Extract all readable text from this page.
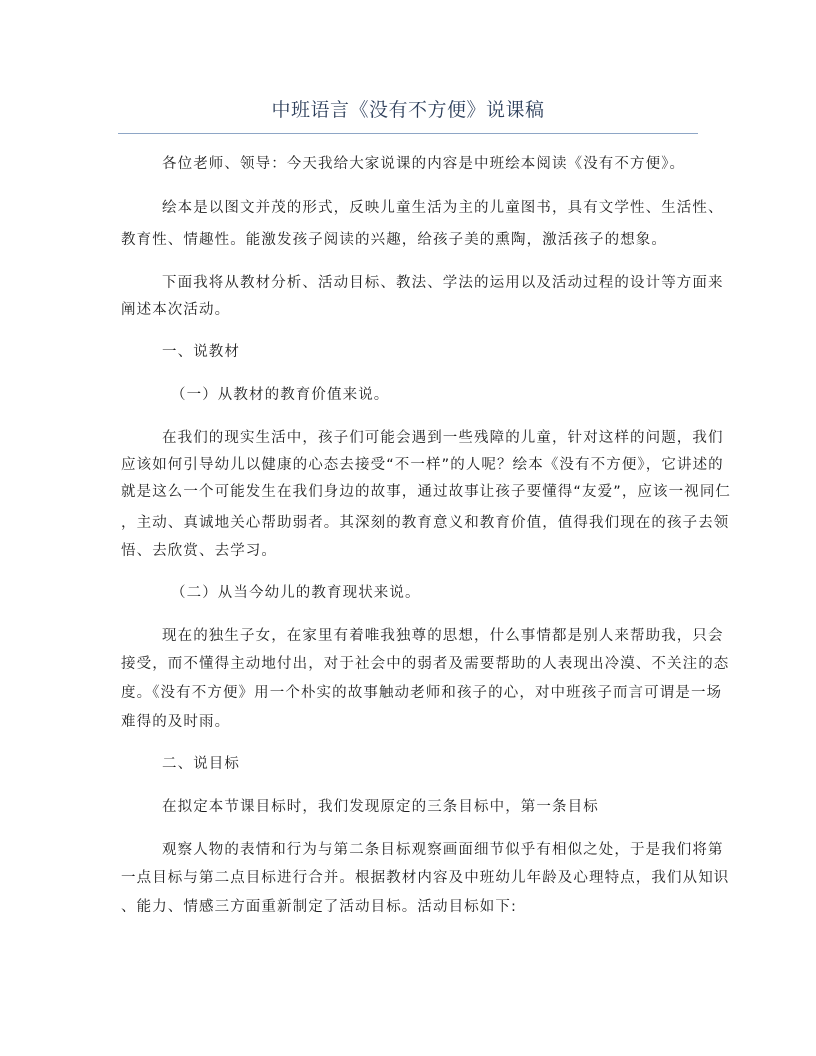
中班语言《没有不方便》说课稿
各位老师、领导：今天我给大家说课的内容是中班绘本阅读《没有不方便》。
绘本是以图文并茂的形式，反映儿童生活为主的儿童图书，具有文学性、生活性、
教育性、情趣性。能激发孩子阅读的兴趣，给孩子美的熏陶，激活孩子的想象。
下面我将从教材分析、活动目标、教法、学法的运用以及活动过程的设计等方面来
阐述本次活动。
一、说教材
（一）从教材的教育价值来说。
在我们的现实生活中，孩子们可能会遇到一些残障的儿童，针对这样的问题，我们
应该如何引导幼儿以健康的心态去接受“不一样”的人呢？绘本《没有不方便》，它讲述的
就是这么一个可能发生在我们身边的故事，通过故事让孩子要懂得“友爱”，应该一视同仁
，主动、真诚地关心帮助弱者。其深刻的教育意义和教育价值，值得我们现在的孩子去领
悟、去欣赏、去学习。
（二）从当今幼儿的教育现状来说。
现在的独生子女，在家里有着唯我独尊的思想，什么事情都是别人来帮助我，只会
接受，而不懂得主动地付出，对于社会中的弱者及需要帮助的人表现出冷漠、不关注的态
度。《没有不方便》用一个朴实的故事触动老师和孩子的心，对中班孩子而言可谓是一场
难得的及时雨。
二、说目标
在拟定本节课目标时，我们发现原定的三条目标中，第一条目标
观察人物的表情和行为与第二条目标观察画面细节似乎有相似之处，于是我们将第
一点目标与第二点目标进行合并。根据教材内容及中班幼儿年龄及心理特点，我们从知识
、能力、情感三方面重新制定了活动目标。活动目标如下:
